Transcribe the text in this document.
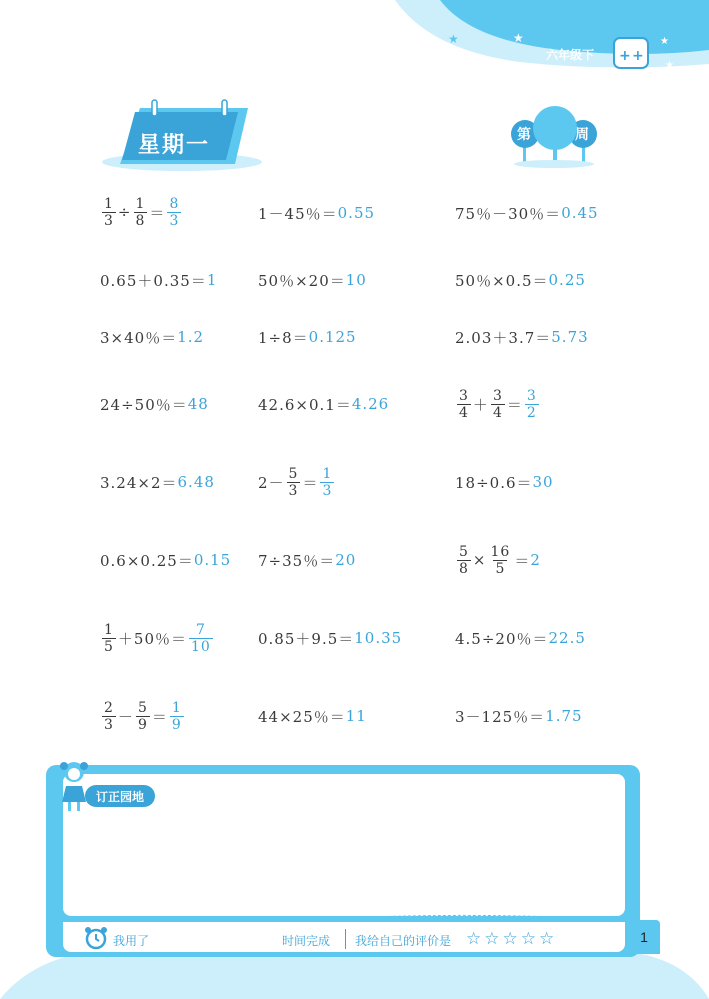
★	★
★
★
+ +
六年级下
星期一	第	周
$\frac{1}{3} \div \frac{1}{8} = \frac{8}{3}$	1－45％＝ 0.55	75％－30％＝ 0.45
0.65＋0.35＝ 1	50％×20＝ 10	50％×0.5＝ 0.25
3×40％＝ 1.2	1÷8＝ 0.125	2.03＋3.7＝ 5.73
24÷50％＝ 48	42.6×0.1＝ 4.26	$\frac{3}{4} + \frac{3}{4} = \frac{3}{2}$
3.24×2＝ 6.48	$2- \frac{5}{3} = \frac{1}{3}$	18÷0.6＝ 30
0.6×0.25＝ 0.15 7÷35％＝ 20	$\frac{5}{8} \times \frac{16}{5} = 2$
$\frac{1}{5} +50$％＝ $\frac{7}{10}$	0.85＋9.5＝ 10.35	4.5÷20％＝ 22.5
$\frac{2}{3} - \frac{5}{9} = \frac{1}{9}$	44×25％＝ 11	3－125％＝ 1.75
订正园地
我用了	时间完成 我给自己的评价是 ☆☆☆☆☆	1
